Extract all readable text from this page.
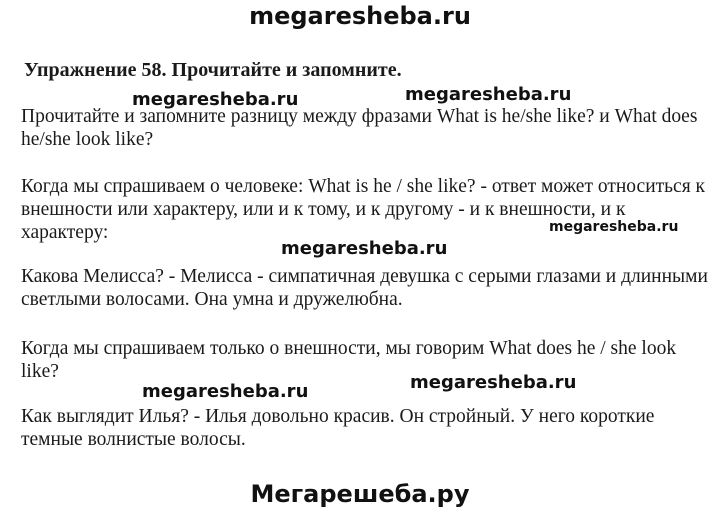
megaresheba.ru
Упражнение 58. Прочитайте и запомните.
Прочитайте и запомните разницу между фразами What is he/she like? и What does he/she look like?
Когда мы спрашиваем о человеке: What is he / she like? - ответ может относиться к внешности или характеру, или и к тому, и к другому - и к внешности, и к характеру:
Какова Мелисса? - Мелисса - симпатичная девушка с серыми глазами и длинными светлыми волосами. Она умна и дружелюбна.
Когда мы спрашиваем только о внешности, мы говорим What does he / she look like?
Как выглядит Илья? - Илья довольно красив. Он стройный. У него короткие темные волнистые волосы.
megaresheba.ru	megaresheba.ru
megaresheba.ru
megaresheba.ru
megaresheba.ru	megaresheba.ru
Мегарешеба.ру
